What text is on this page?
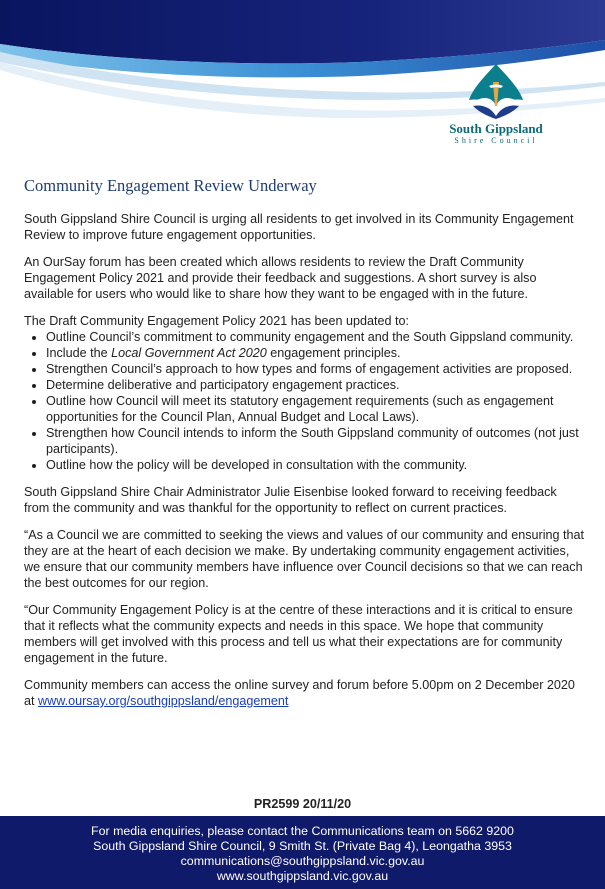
South Gippsland
Shire Council
Community Engagement Review Underway

South Gippsland Shire Council is urging all residents to get involved in its Community Engagement Review to improve future engagement opportunities.

An OurSay forum has been created which allows residents to review the Draft Community Engagement Policy 2021 and provide their feedback and suggestions. A short survey is also available for users who would like to share how they want to be engaged with in the future.

The Draft Community Engagement Policy 2021 has been updated to:

• Outline Council’s commitment to community engagement and the South Gippsland community.
• Include the Local Government Act 2020 engagement principles.
• Strengthen Council’s approach to how types and forms of engagement activities are proposed.
• Determine deliberative and participatory engagement practices.
• Outline how Council will meet its statutory engagement requirements (such as engagement opportunities for the Council Plan, Annual Budget and Local Laws).
• Strengthen how Council intends to inform the South Gippsland community of outcomes (not just participants).
• Outline how the policy will be developed in consultation with the community.

South Gippsland Shire Chair Administrator Julie Eisenbise looked forward to receiving feedback from the community and was thankful for the opportunity to reflect on current practices.

“As a Council we are committed to seeking the views and values of our community and ensuring that they are at the heart of each decision we make. By undertaking community engagement activities, we ensure that our community members have influence over Council decisions so that we can reach the best outcomes for our region.

“Our Community Engagement Policy is at the centre of these interactions and it is critical to ensure that it reflects what the community expects and needs in this space. We hope that community members will get involved with this process and tell us what their expectations are for community engagement in the future.

Community members can access the online survey and forum before 5.00pm on 2 December 2020 at www.oursay.org/southgippsland/engagement

PR2599 20/11/20
For media enquiries, please contact the Communications team on 5662 9200
South Gippsland Shire Council, 9 Smith St. (Private Bag 4), Leongatha 3953
communications@southgippsland.vic.gov.au
www.southgippsland.vic.gov.au
